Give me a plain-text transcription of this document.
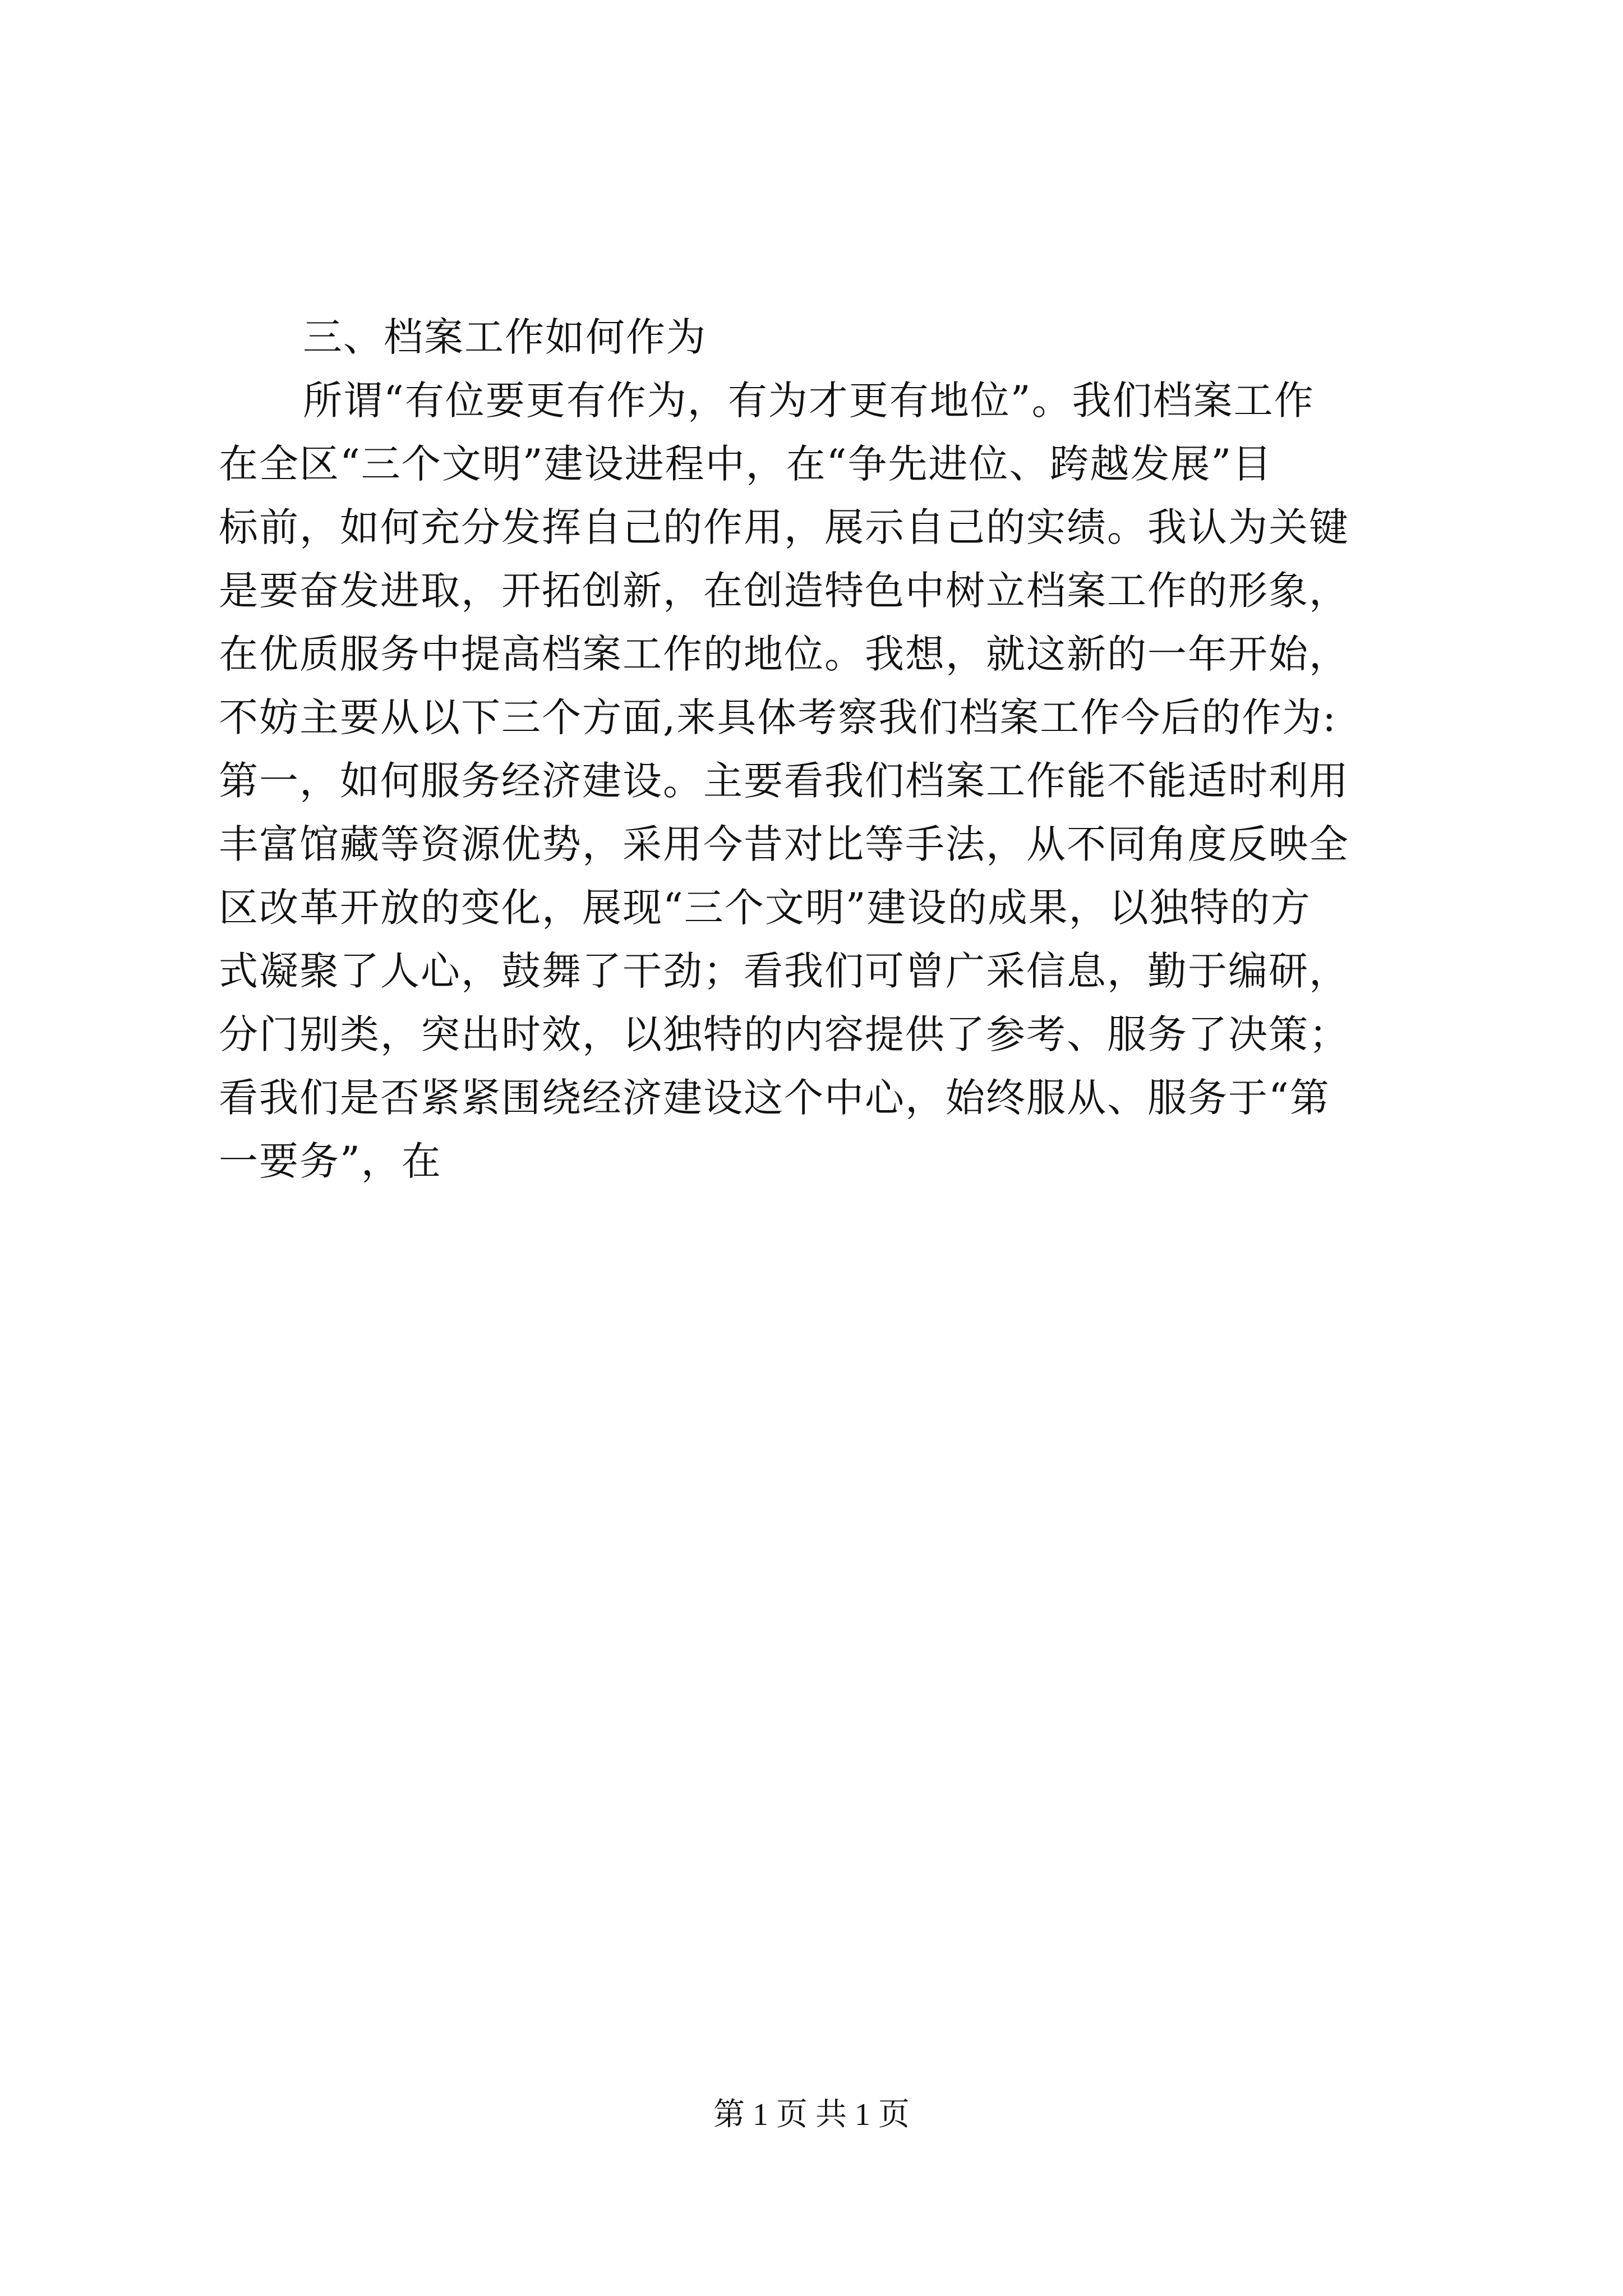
三、档案工作如何作为
所谓“有位要更有作为，有为才更有地位”。我们档案工作
在全区“三个文明”建设进程中，在“争先进位、跨越发展”目
标前，如何充分发挥自己的作用，展示自己的实绩。我认为关键
是要奋发进取，开拓创新，在创造特色中树立档案工作的形象，
在优质服务中提高档案工作的地位。我想，就这新的一年开始，
不妨主要从以下三个方面,来具体考察我们档案工作今后的作为:
第一，如何服务经济建设。主要看我们档案工作能不能适时利用
丰富馆藏等资源优势，采用今昔对比等手法，从不同角度反映全
区改革开放的变化，展现“三个文明”建设的成果，以独特的方
式凝聚了人心，鼓舞了干劲；看我们可曾广采信息，勤于编研，
分门别类，突出时效，以独特的内容提供了参考、服务了决策；
看我们是否紧紧围绕经济建设这个中心，始终服从、服务于“第
一要务”，在
第 1 页 共 1 页
